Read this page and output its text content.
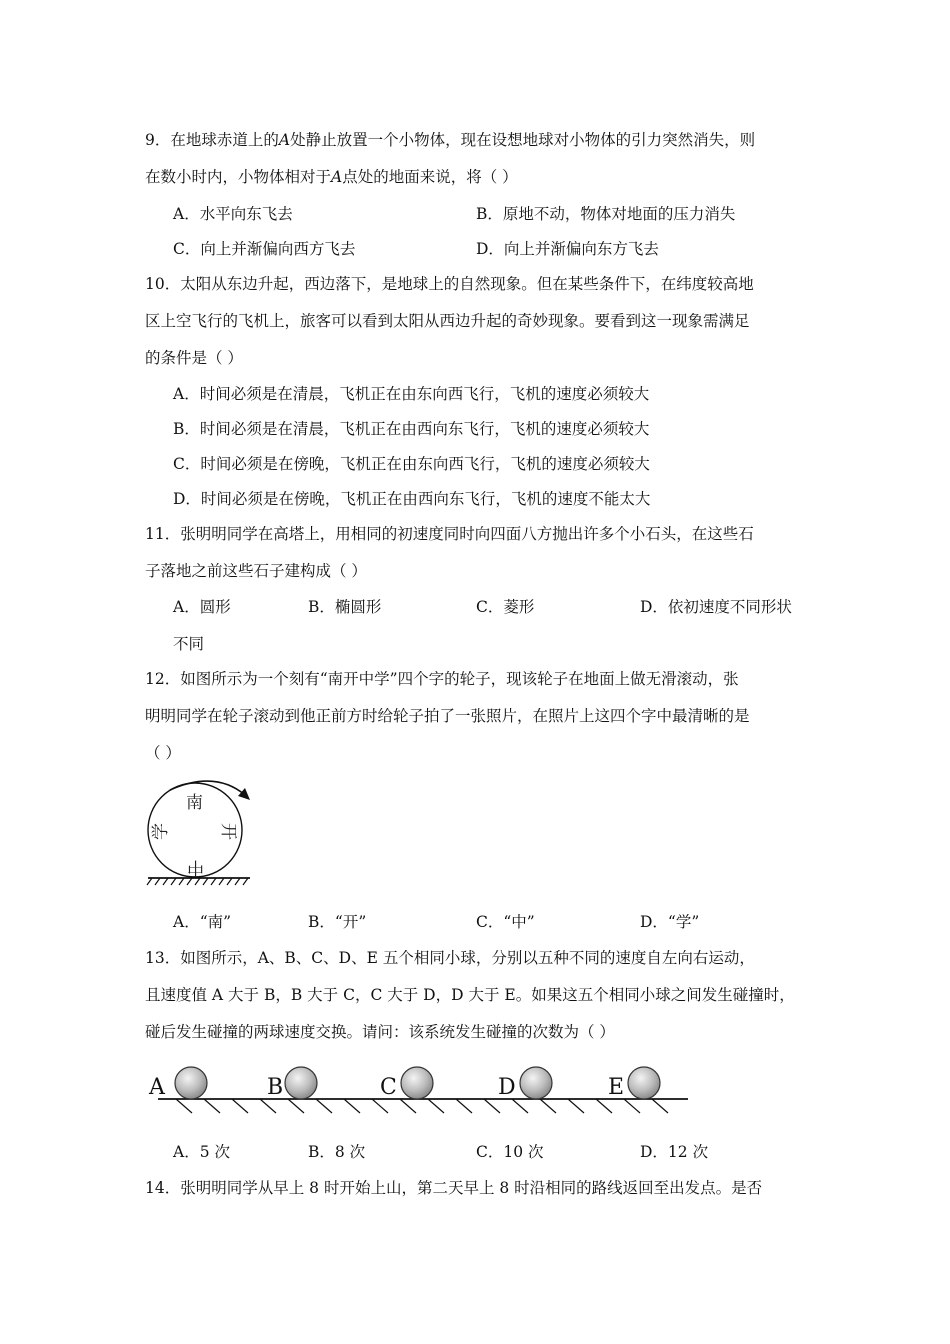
9．在地球赤道上的A处静止放置一个小物体，现在设想地球对小物体的引力突然消失，则
在数小时内，小物体相对于A点处的地面来说，将（ ）
A．水平向东飞去	B．原地不动，物体对地面的压力消失
C．向上并渐偏向西方飞去	D．向上并渐偏向东方飞去
10．太阳从东边升起，西边落下，是地球上的自然现象。但在某些条件下，在纬度较高地
区上空飞行的飞机上，旅客可以看到太阳从西边升起的奇妙现象。要看到这一现象需满足
的条件是（ ）
A．时间必须是在清晨，飞机正在由东向西飞行，飞机的速度必须较大
B．时间必须是在清晨，飞机正在由西向东飞行，飞机的速度必须较大
C．时间必须是在傍晚，飞机正在由东向西飞行，飞机的速度必须较大
D．时间必须是在傍晚，飞机正在由西向东飞行，飞机的速度不能太大
11．张明明同学在高塔上，用相同的初速度同时向四面八方抛出许多个小石头，在这些石
子落地之前这些石子建构成（ ）
A．圆形	B．椭圆形	C．菱形	D．依初速度不同形状
不同
12．如图所示为一个刻有“南开中学”四个字的轮子，现该轮子在地面上做无滑滚动，张
明明同学在轮子滚动到他正前方时给轮子拍了一张照片，在照片上这四个字中最清晰的是
（ ）
南
开
中
学
A．“南”	B．“开”	C．“中”	D．“学”
13．如图所示，A、B、C、D、E 五个相同小球，分别以五种不同的速度自左向右运动，
且速度值 A 大于 B，B 大于 C，C 大于 D，D 大于 E。如果这五个相同小球之间发生碰撞时，
碰后发生碰撞的两球速度交换。请问：该系统发生碰撞的次数为（ ）
A	B	C	D	E
A．5 次	B．8 次	C．10 次	D．12 次
14．张明明同学从早上 8 时开始上山，第二天早上 8 时沿相同的路线返回至出发点。是否
